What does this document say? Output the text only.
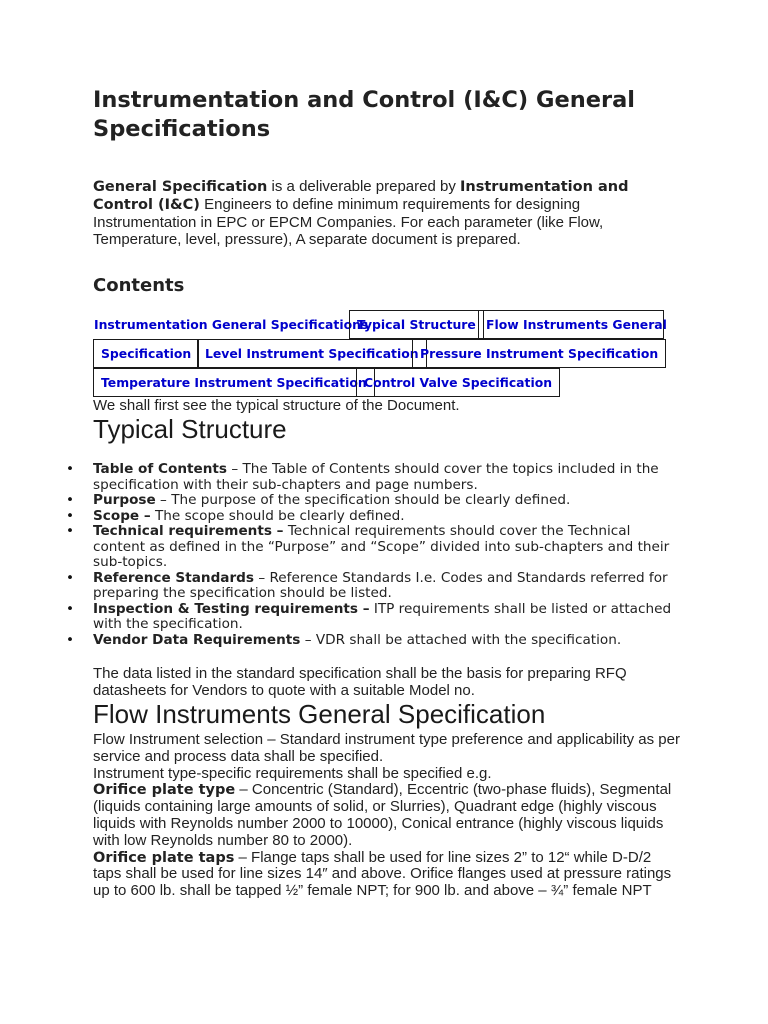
Instrumentation and Control (I&C) General Specifications

General Specification is a deliverable prepared by Instrumentation and Control (I&C) Engineers to define minimum requirements for designing Instrumentation in EPC or EPCM Companies. For each parameter (like Flow, Temperature, level, pressure), A separate document is prepared.

Contents
Instrumentation General Specifications
Typical Structure Flow Instruments General
Specification	Level Instrument Specification Pressure Instrument Specification
Temperature Instrument Specification
Control Valve Specification

We shall first see the typical structure of the Document.

Typical Structure
• Table of Contents – The Table of Contents should cover the topics included in the specification with their sub-chapters and page numbers.
• Purpose – The purpose of the specification should be clearly defined.
• Scope – The scope should be clearly defined.
• Technical requirements – Technical requirements should cover the Technical content as defined in the “Purpose” and “Scope” divided into sub-chapters and their sub-topics.
• Reference Standards – Reference Standards I.e. Codes and Standards referred for preparing the specification should be listed.
• Inspection & Testing requirements – ITP requirements shall be listed or attached with the specification.
• Vendor Data Requirements – VDR shall be attached with the specification.

The data listed in the standard specification shall be the basis for preparing RFQ datasheets for Vendors to quote with a suitable Model no.

Flow Instruments General Specification
Flow Instrument selection – Standard instrument type preference and applicability as per service and process data shall be specified.
Instrument type-specific requirements shall be specified e.g.
Orifice plate type – Concentric (Standard), Eccentric (two-phase fluids), Segmental (liquids containing large amounts of solid, or Slurries), Quadrant edge (highly viscous liquids with Reynolds number 2000 to 10000), Conical entrance (highly viscous liquids with low Reynolds number 80 to 2000).
Orifice plate taps – Flange taps shall be used for line sizes 2” to 12“ while D-D/2 taps shall be used for line sizes 14″ and above. Orifice flanges used at pressure ratings up to 600 lb. shall be tapped ½” female NPT; for 900 lb. and above – ¾” female NPT
